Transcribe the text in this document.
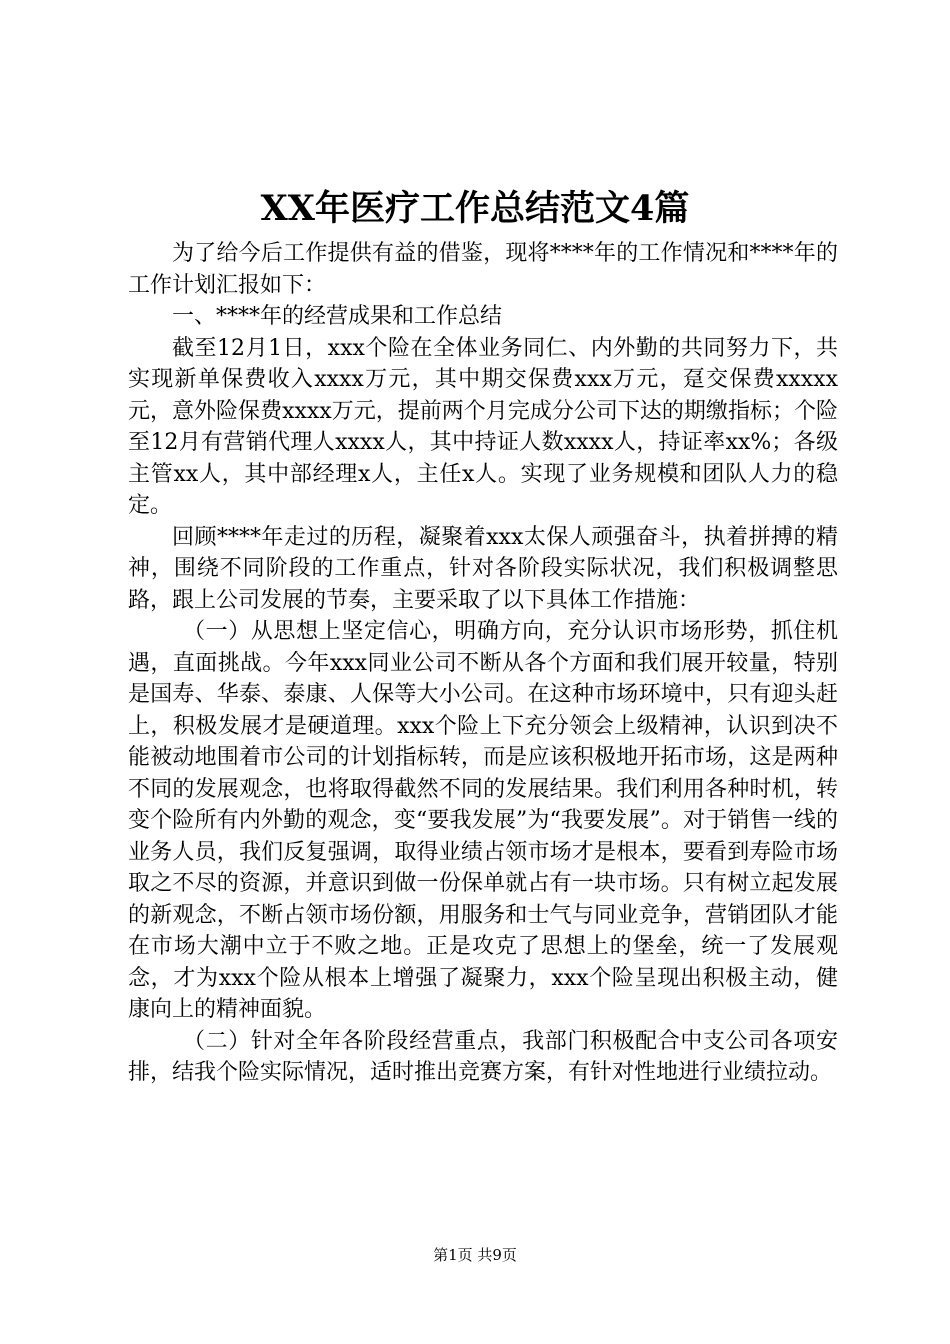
XX年医疗工作总结范文4篇

为了给今后工作提供有益的借鉴，现将****年的工作情况和****年的工作计划汇报如下：

一、****年的经营成果和工作总结

截至12月1日，xxx个险在全体业务同仁、内外勤的共同努力下，共实现新单保费收入xxxx万元，其中期交保费xxx万元，趸交保费xxxxx元，意外险保费xxxx万元，提前两个月完成分公司下达的期缴指标；个险至12月有营销代理人xxxx人，其中持证人数xxxx人，持证率xx%；各级主管xx人，其中部经理x人，主任x人。实现了业务规模和团队人力的稳定。

回顾****年走过的历程，凝聚着xxx太保人顽强奋斗，执着拼搏的精神，围绕不同阶段的工作重点，针对各阶段实际状况，我们积极调整思路，跟上公司发展的节奏，主要采取了以下具体工作措施：

（一）从思想上坚定信心，明确方向，充分认识市场形势，抓住机遇，直面挑战。今年xxx同业公司不断从各个方面和我们展开较量，特别是国寿、华泰、泰康、人保等大小公司。在这种市场环境中，只有迎头赶上，积极发展才是硬道理。xxx个险上下充分领会上级精神，认识到决不能被动地围着市公司的计划指标转，而是应该积极地开拓市场，这是两种不同的发展观念，也将取得截然不同的发展结果。我们利用各种时机，转变个险所有内外勤的观念，变“要我发展”为“我要发展”。对于销售一线的业务人员，我们反复强调，取得业绩占领市场才是根本，要看到寿险市场取之不尽的资源，并意识到做一份保单就占有一块市场。只有树立起发展的新观念，不断占领市场份额，用服务和士气与同业竞争，营销团队才能在市场大潮中立于不败之地。正是攻克了思想上的堡垒，统一了发展观念，才为xxx个险从根本上增强了凝聚力，xxx个险呈现出积极主动，健康向上的精神面貌。

（二）针对全年各阶段经营重点，我部门积极配合中支公司各项安排，结我个险实际情况，适时推出竞赛方案，有针对性地进行业绩拉动。

第1页 共9页
